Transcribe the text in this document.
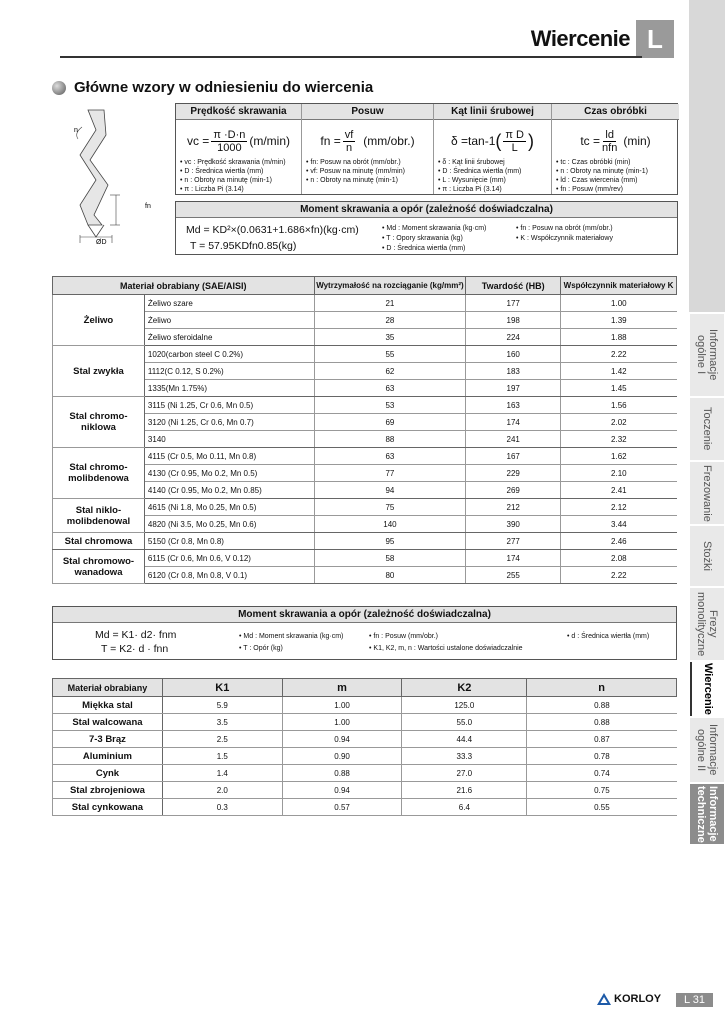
Informacje
ogólne I
Toczenie
Frezowanie
Stożki
Frezy
monolityczne
Wiercenie
Informacje
ogólne II
Informacje
techniczne
Wiercenie L
Główne wzory w odniesieniu do wiercenia
n
fn
ØD
Prędkość skrawania
vc = $\frac{\pi \cdot D\cdot n}{1000} (m/\min)$
• vc : Prędkość skrawania (m/min)
• D : Średnica wiertła (mm)
• n : Obroty na minutę (min-1)
• π : Liczba Pi (3.14)
Posuw
fn = $\frac{vf}{n} (mm/obr.)$
• fn: Posuw na obrót (mm/obr.)
• vf: Posuw na minutę (mm/min)
• n : Obroty na minutę (min-1)
Kąt linii śrubowej
δ =tan-1 ( $\frac{\text{π D}}{L}$ )
• δ : Kąt linii śrubowej
• D : Średnica wiertła (mm)
• L : Wysunięcie (mm)
• π : Liczba Pi (3.14)
Czas obróbki
tc = $\frac{ld}{\text{nfn}} (\min)$
• tc : Czas obróbki (min)
• n : Obroty na minutę (min-1)
• ld : Czas wiercenia (mm)
• fn : Posuw (mm/rev)
Moment skrawania a opór (zależność doświadczalna)
Md = KD²×(0.0631+1.686×fn)(kg·cm)
T = 57.95KDfn0.85(kg)
• Md : Moment skrawania (kg·cm)
• T : Opory skrawania (kg)
• D : Średnica wiertła (mm)
• fn : Posuw na obrót (mm/obr.)
• K : Współczynnik materiałowy
Materiał obrabiany (SAE/AISI)		Wytrzymałość na rozciąganie (kg/mm²)	Twardość (HB)	Współczynnik materiałowy K
Żeliwo	Żeliwo szare	21	177	1.00
	Żeliwo	28	198	1.39
	Żeliwo sferoidalne	35	224	1.88
Stal zwykła	1020(carbon steel C 0.2%)	55	160	2.22
	1112(C 0.12, S 0.2%)	62	183	1.42
	1335(Mn 1.75%)	63	197	1.45
Stal chromo-niklowa	3115 (Ni 1.25, Cr 0.6, Mn 0.5)	53	163	1.56
	3120 (Ni 1.25, Cr 0.6, Mn 0.7)	69	174	2.02
	3140	88	241	2.32
Stal chromo-molibdenowa	4115 (Cr 0.5, Mo 0.11, Mn 0.8)	63	167	1.62
	4130 (Cr 0.95, Mo 0.2, Mn 0.5)	77	229	2.10
	4140 (Cr 0.95, Mo 0.2, Mn 0.85)	94	269	2.41
Stal niklo-molibdenowal	4615 (Ni 1.8, Mo 0.25, Mn 0.5)	75	212	2.12
	4820 (Ni 3.5, Mo 0.25, Mn 0.6)	140	390	3.44
Stal chromowa	5150 (Cr 0.8, Mn 0.8)	95	277	2.46
Stal chromowo-wanadowa	6115 (Cr 0.6, Mn 0.6, V 0.12)	58	174	2.08
	6120 (Cr 0.8, Mn 0.8, V 0.1)	80	255	2.22
Moment skrawania a opór (zależność doświadczalna)
Md = K1· d2· fnm
T = K2· d · fnn
• Md : Moment skrawania (kg·cm)
• T : Opór (kg)
• fn : Posuw (mm/obr.)
• K1, K2, m, n : Wartości ustalone doświadczalnie
• d : Średnica wiertła (mm)
Materiał obrabiany	K1	m	K2	n
Miękka stal	5.9	1.00	125.0	0.88
Stal walcowana	3.5	1.00	55.0	0.88
7-3 Brąz	2.5	0.94	44.4	0.87
Aluminium	1.5	0.90	33.3	0.78
Cynk	1.4	0.88	27.0	0.74
Stal zbrojeniowa	2.0	0.94	21.6	0.75
Stal cynkowana	0.3	0.57	6.4	0.55
KORLOY	L 31
